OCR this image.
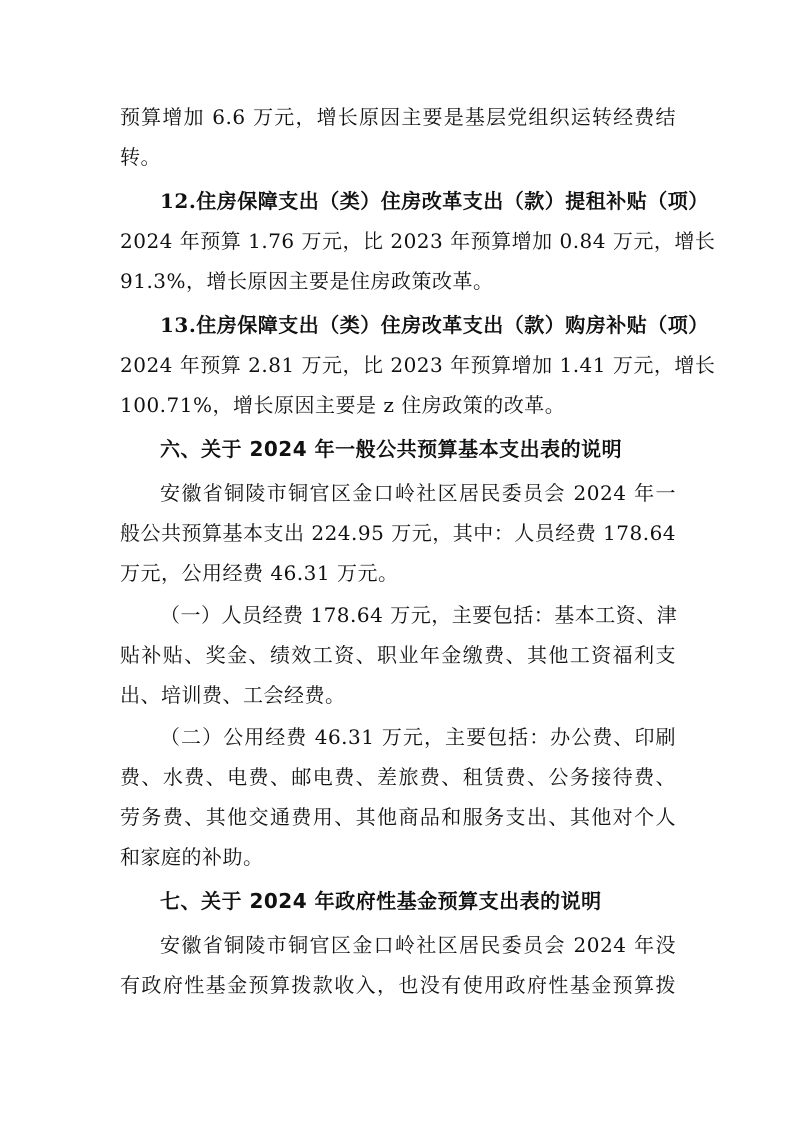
预算增加 6.6 万元，增长原因主要是基层党组织运转经费结
转。
12.住房保障支出（类）住房改革支出（款）提租补贴（项）
2024 年预算 1.76 万元，比 2023 年预算增加 0.84 万元，增长
91.3%，增长原因主要是住房政策改革。
13.住房保障支出（类）住房改革支出（款）购房补贴（项）
2024 年预算 2.81 万元，比 2023 年预算增加 1.41 万元，增长
100.71%，增长原因主要是 z 住房政策的改革。
六、关于 2024 年一般公共预算基本支出表的说明
安徽省铜陵市铜官区金口岭社区居民委员会 2024 年一
般公共预算基本支出 224.95 万元，其中：人员经费 178.64
万元，公用经费 46.31 万元。
（一）人员经费 178.64 万元，主要包括：基本工资、津
贴补贴、奖金、绩效工资、职业年金缴费、其他工资福利支
出、培训费、工会经费。
（二）公用经费 46.31 万元，主要包括：办公费、印刷
费、水费、电费、邮电费、差旅费、租赁费、公务接待费、
劳务费、其他交通费用、其他商品和服务支出、其他对个人
和家庭的补助。
七、关于 2024 年政府性基金预算支出表的说明
安徽省铜陵市铜官区金口岭社区居民委员会 2024 年没
有政府性基金预算拨款收入，也没有使用政府性基金预算拨
